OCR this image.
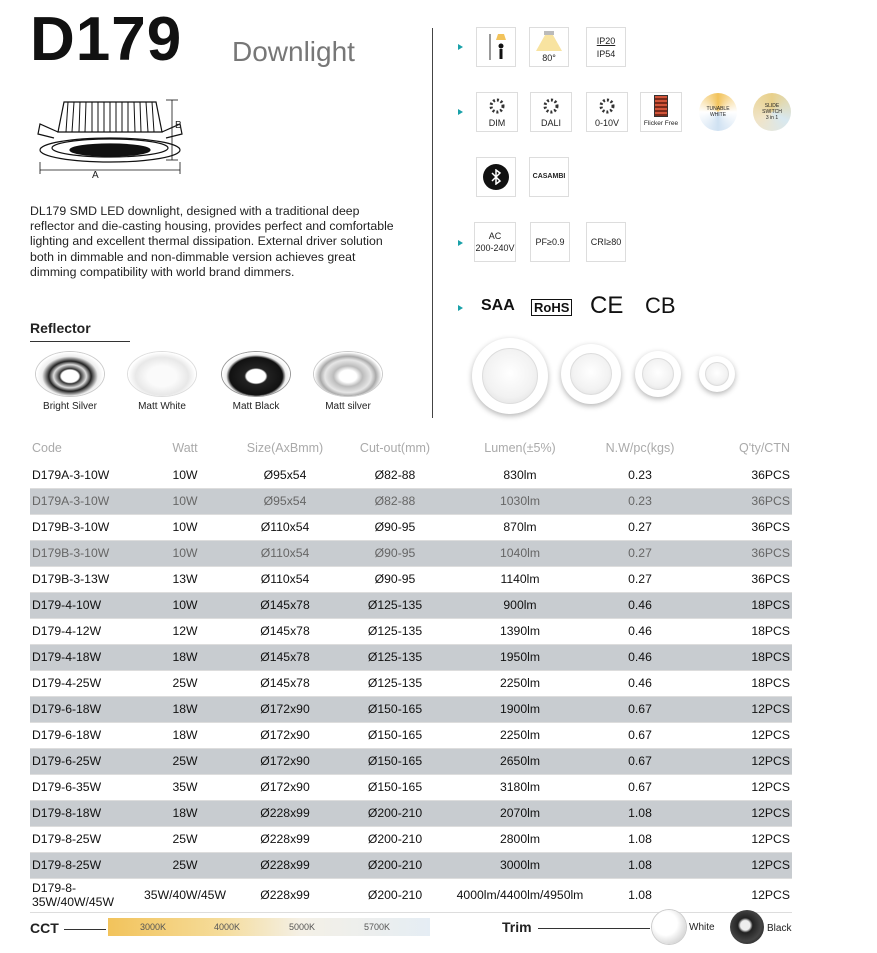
D179 Downlight
A
B
DL179 SMD LED downlight, designed with a traditional deep reflector and die-casting housing, provides perfect and comfortable lighting and excellent thermal dissipation. External driver solution both in dimmable and non-dimmable version achieves great dimming compatibility with world brand dimmers.
Reflector
Bright Silver	Matt White	Matt Black	Matt silver
80°
IP20
IP54
DIM	DALI	0-10V	Flicker Free
TUNABLE WHITE
SLIDE SWITCH 3 in 1
CASAMBI
AC
200-240V
PF≥0.9	CRI≥80
SAA RoHS CE CB
Code	Watt	Size(AxBmm)	Cut-out(mm)	Lumen(±5%)	N.W/pc(kgs)	Q'ty/CTN
D179A-3-10W	10W	Ø95x54	Ø82-88	830lm	0.23	36PCS
D179A-3-10W	10W	Ø95x54	Ø82-88	1030lm	0.23	36PCS
D179B-3-10W	10W	Ø110x54	Ø90-95	870lm	0.27	36PCS
D179B-3-10W	10W	Ø110x54	Ø90-95	1040lm	0.27	36PCS
D179B-3-13W	13W	Ø110x54	Ø90-95	1140lm	0.27	36PCS
D179-4-10W	10W	Ø145x78	Ø125-135	900lm	0.46	18PCS
D179-4-12W	12W	Ø145x78	Ø125-135	1390lm	0.46	18PCS
D179-4-18W	18W	Ø145x78	Ø125-135	1950lm	0.46	18PCS
D179-4-25W	25W	Ø145x78	Ø125-135	2250lm	0.46	18PCS
D179-6-18W	18W	Ø172x90	Ø150-165	1900lm	0.67	12PCS
D179-6-18W	18W	Ø172x90	Ø150-165	2250lm	0.67	12PCS
D179-6-25W	25W	Ø172x90	Ø150-165	2650lm	0.67	12PCS
D179-6-35W	35W	Ø172x90	Ø150-165	3180lm	0.67	12PCS
D179-8-18W	18W	Ø228x99	Ø200-210	2070lm	1.08	12PCS
D179-8-25W	25W	Ø228x99	Ø200-210	2800lm	1.08	12PCS
D179-8-25W	25W	Ø228x99	Ø200-210	3000lm	1.08	12PCS
D179-8-35W/40W/45W	35W/40W/45W	Ø228x99	Ø200-210	4000lm/4400lm/4950lm	1.08	12PCS
CCT	3000K	4000K	5000K	5700K	Trim	White	Black
